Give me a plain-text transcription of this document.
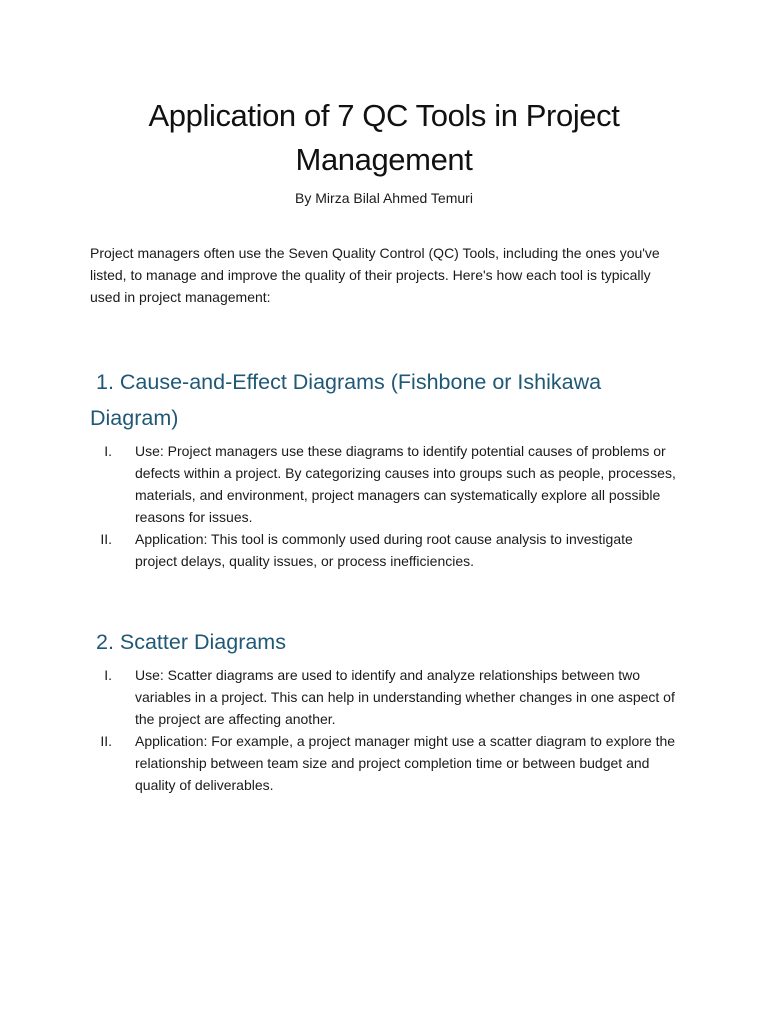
Application of 7 QC Tools in Project Management

By Mirza Bilal Ahmed Temuri

Project managers often use the Seven Quality Control (QC) Tools, including the ones you've listed, to manage and improve the quality of their projects. Here's how each tool is typically used in project management:

1. Cause-and-Effect Diagrams (Fishbone or Ishikawa Diagram)
I. Use: Project managers use these diagrams to identify potential causes of problems or defects within a project. By categorizing causes into groups such as people, processes, materials, and environment, project managers can systematically explore all possible reasons for issues.
II. Application: This tool is commonly used during root cause analysis to investigate project delays, quality issues, or process inefficiencies.
2. Scatter Diagrams
I. Use: Scatter diagrams are used to identify and analyze relationships between two variables in a project. This can help in understanding whether changes in one aspect of the project are affecting another.
II. Application: For example, a project manager might use a scatter diagram to explore the relationship between team size and project completion time or between budget and quality of deliverables.
